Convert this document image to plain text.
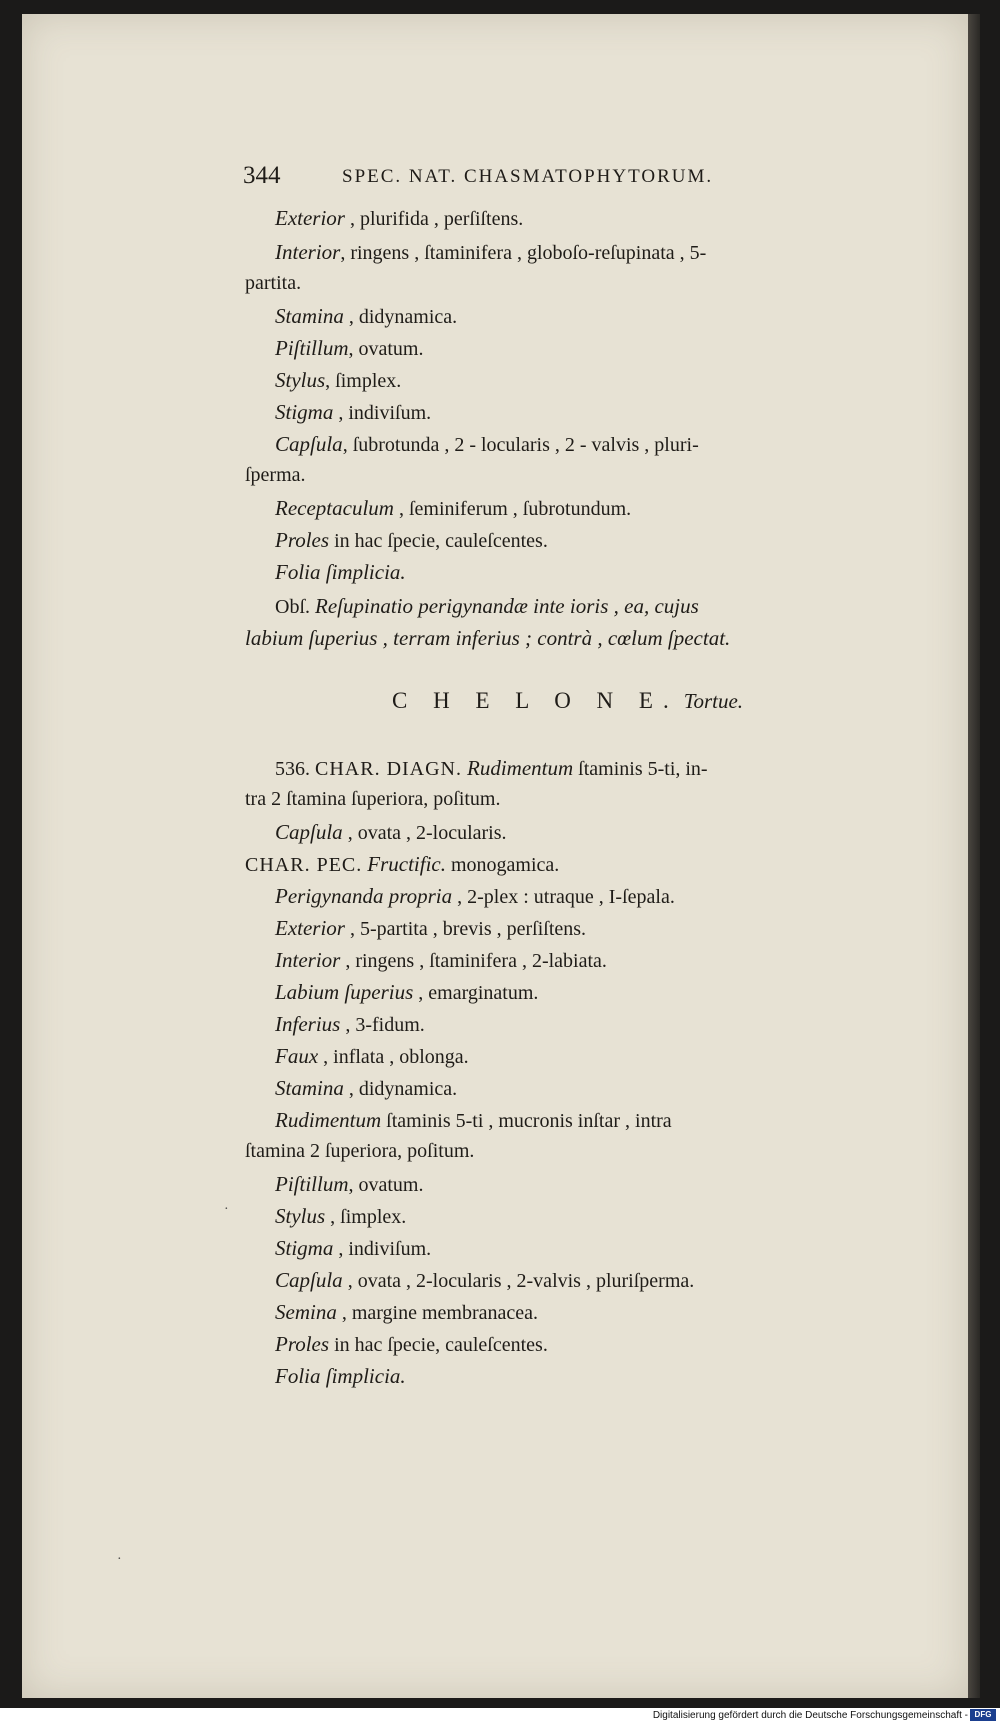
344	SPEC. NAT. CHASMATOPHYTORUM.
Exterior , plurifida , perſiſtens.
Interior, ringens , ſtaminifera , globoſo-reſupinata , 5-
partita.
Stamina , didynamica.
Piſtillum, ovatum.
Stylus, ſimplex.
Stigma , indiviſum.
Capſula, ſubrotunda , 2 - locularis , 2 - valvis , pluri-
ſperma.
Receptaculum , ſeminiferum , ſubrotundum.
Proles in hac ſpecie, cauleſcentes.
Folia ſimplicia.
Obſ. Reſupinatio perigynandæ inte ioris , ea, cujus
labium ſuperius , terram inferius ; contrà , cœlum ſpectat.
C H E L O N E. Tortue.
536. CHAR. DIAGN. Rudimentum ſtaminis 5-ti, in-
tra 2 ſtamina ſuperiora, poſitum.
Capſula , ovata , 2-locularis.
CHAR. PEC. Fructific. monogamica.
Perigynanda propria , 2-plex : utraque , I-ſepala.
Exterior , 5-partita , brevis , perſiſtens.
Interior , ringens , ſtaminifera , 2-labiata.
Labium ſuperius , emarginatum.
Inferius , 3-fidum.
Faux , inflata , oblonga.
Stamina , didynamica.
Rudimentum ſtaminis 5-ti , mucronis inſtar , intra
ſtamina 2 ſuperiora, poſitum.
Piſtillum, ovatum.
Stylus , ſimplex.
Stigma , indiviſum.
Capſula , ovata , 2-locularis , 2-valvis , pluriſperma.
Semina , margine membranacea.
Proles in hac ſpecie, cauleſcentes.
Folia ſimplicia.
·
·
Digitalisierung gefördert durch die Deutsche Forschungsgemeinschaft - DFG
